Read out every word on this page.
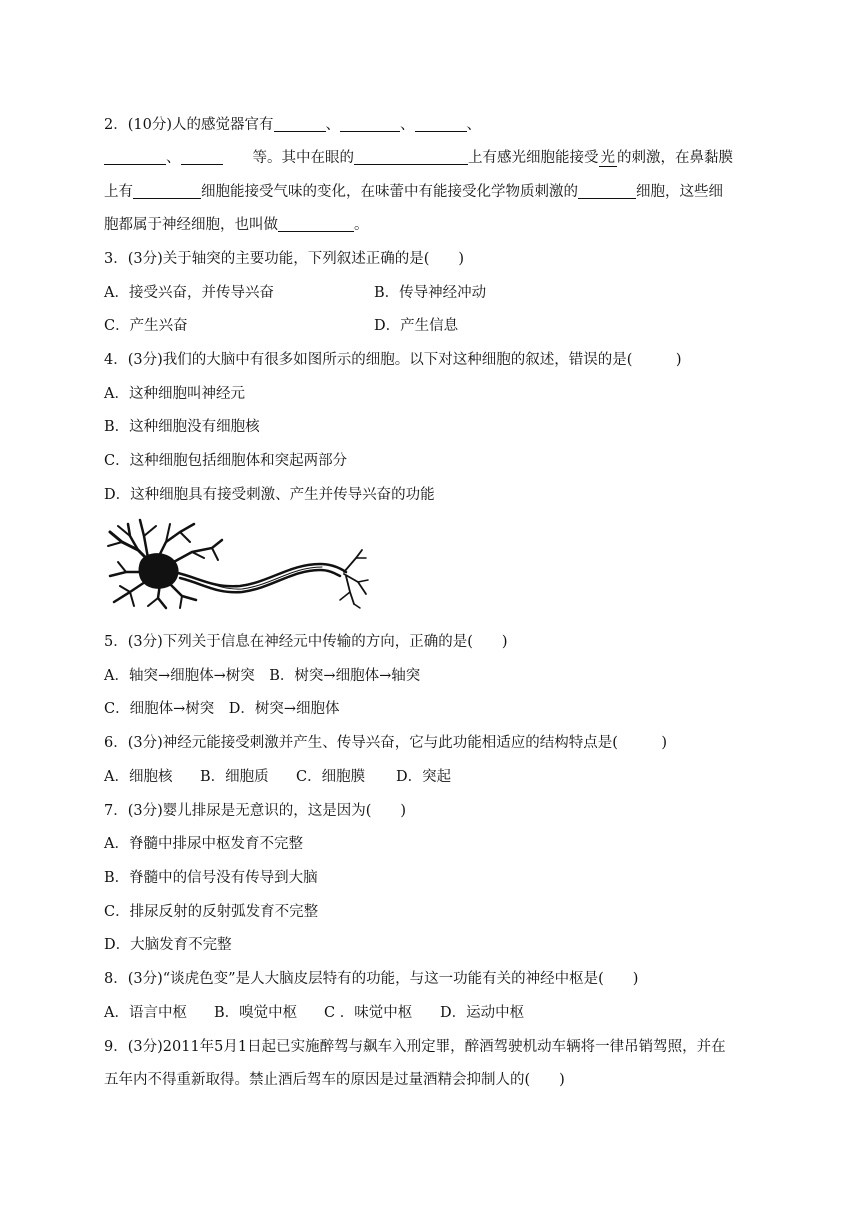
2．(10分)人的感觉器官有	、	、	、
、	等。其中在眼的	上有感光细胞能接受 光 的刺激，在鼻黏膜
上有	细胞能接受气味的变化，在味蕾中有能接受化学物质刺激的	细胞，这些细
胞都属于神经细胞，也叫做	。
3．(3分)关于轴突的主要功能，下列叙述正确的是(　　)
A．接受兴奋，并传导兴奋	B．传导神经冲动
C．产生兴奋	D．产生信息
4．(3分)我们的大脑中有很多如图所示的细胞。以下对这种细胞的叙述，错误的是(　　　)
A．这种细胞叫神经元
B．这种细胞没有细胞核
C．这种细胞包括细胞体和突起两部分
D．这种细胞具有接受刺激、产生并传导兴奋的功能
5．(3分)下列关于信息在神经元中传输的方向，正确的是(　　)
A．轴突→细胞体→树突　B．树突→细胞体→轴突
C．细胞体→树突　D．树突→细胞体
6．(3分)神经元能接受刺激并产生、传导兴奋，它与此功能相适应的结构特点是(　　　)
A．细胞核 B．细胞质 C．细胞膜 D．突起
7．(3分)婴儿排尿是无意识的，这是因为(　　)
A．脊髓中排尿中枢发育不完整
B．脊髓中的信号没有传导到大脑
C．排尿反射的反射弧发育不完整
D．大脑发育不完整
8．(3分)“谈虎色变”是人大脑皮层特有的功能，与这一功能有关的神经中枢是(　　)
A．语言中枢 B．嗅觉中枢 C ．味觉中枢 D．运动中枢
9．(3分)2011年5月1日起已实施醉驾与飙车入刑定罪，醉酒驾驶机动车辆将一律吊销驾照，并在
五年内不得重新取得。禁止酒后驾车的原因是过量酒精会抑制人的(　　)
